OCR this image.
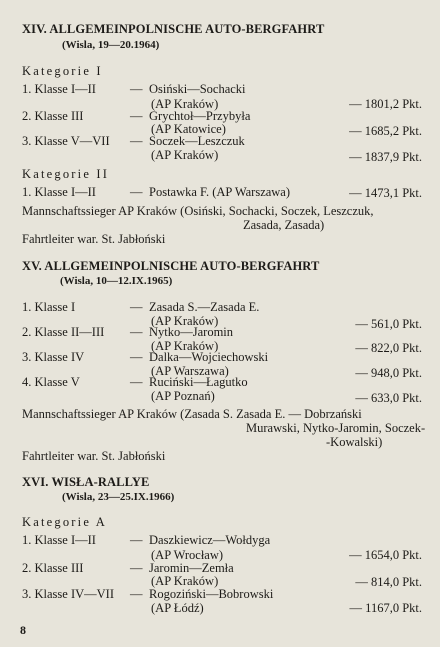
XIV. ALLGEMEINPOLNISCHE AUTO-BERGFAHRT
(Wisla, 19—20.1964)
Kategorie I
1. Klasse I—II	— Osiński—Sochacki
(AP Kraków)	— 1801,2 Pkt.
2. Klasse III	— Grychtoł—Przybyła
(AP Katowice)	— 1685,2 Pkt.
3. Klasse V—VII — Soczek—Leszczuk
(AP Kraków)	— 1837,9 Pkt.
Kategorie II
1. Klasse I—II	— Postawka F. (AP Warszawa)	— 1473,1 Pkt.
Mannschaftssieger AP Kraków (Osiński, Sochacki, Soczek, Leszczuk,
Zasada, Zasada)
Fahrtleiter war. St. Jabłoński
XV. ALLGEMEINPOLNISCHE AUTO-BERGFAHRT
(Wisla, 10—12.IX.1965)
1. Klasse I	— Zasada S.—Zasada E.
(AP Kraków)	— 561,0 Pkt.
2. Klasse II—III — Nytko—Jaromin
(AP Kraków)	— 822,0 Pkt.
3. Klasse IV	— Dalka—Wojciechowski
(AP Warszawa)	— 948,0 Pkt.
4. Klasse V	— Ruciński—Łagutko
(AP Poznań)	— 633,0 Pkt.
Mannschaftssieger AP Kraków (Zasada S. Zasada E. — Dobrzański
Murawski, Nytko-Jaromin, Soczek-
-Kowalski)
Fahrtleiter war. St. Jabłoński
XVI. WISŁA-RALLYE
(Wisla, 23—25.IX.1966)
Kategorie A
1. Klasse I—II	— Daszkiewicz—Wołdyga
(AP Wrocław)	— 1654,0 Pkt.
2. Klasse III	— Jaromin—Zemła
(AP Kraków)	— 814,0 Pkt.
3. Klasse IV—VII — Rogoziński—Bobrowski
(AP Łódź)	— 1167,0 Pkt.
8
